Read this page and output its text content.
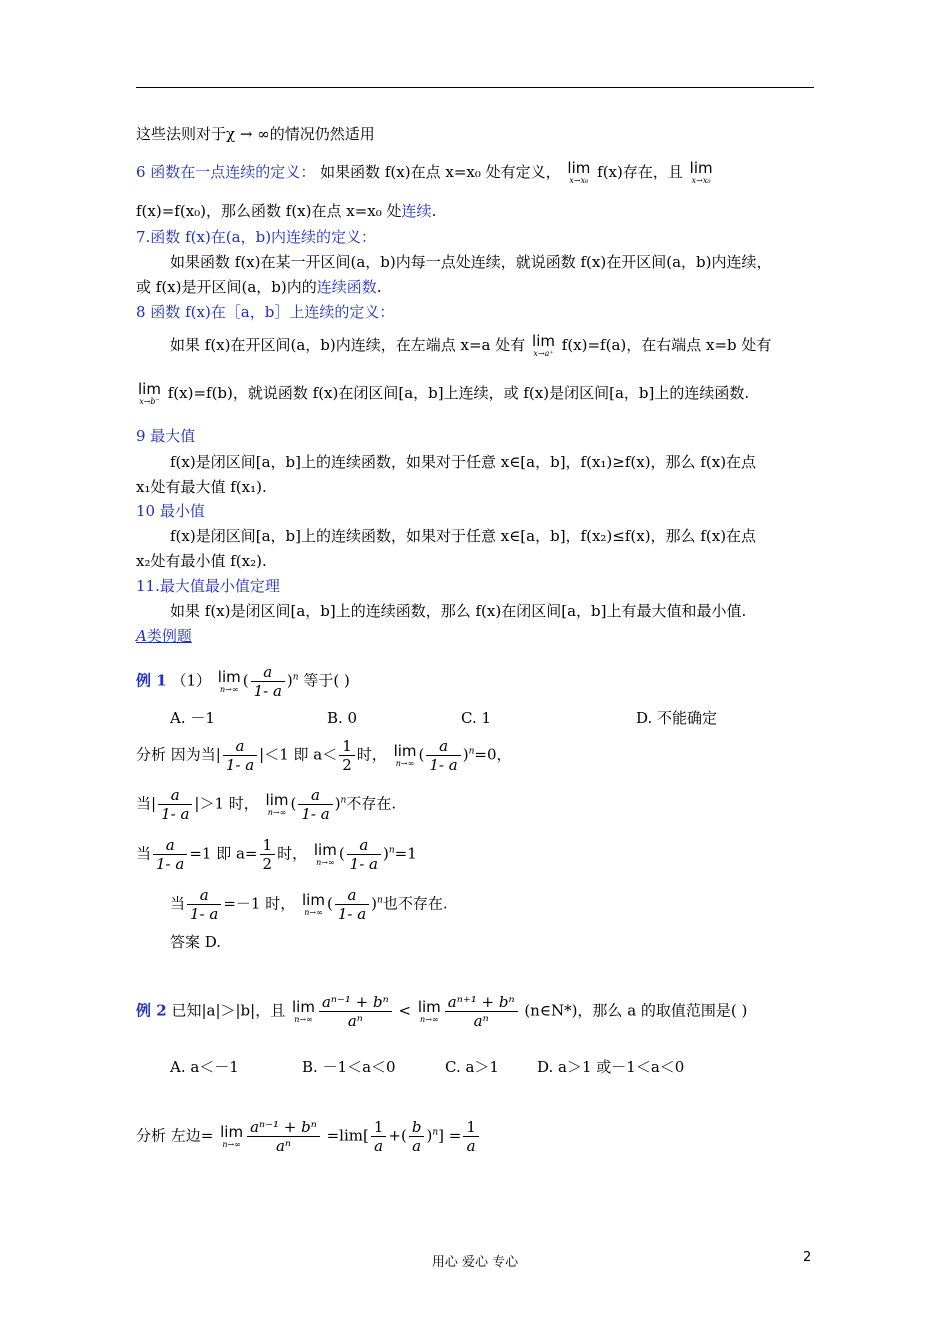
这些法则对于χ → ∞的情况仍然适用
6 函数在一点连续的定义： 如果函数 f(x)在点 x=x₀ 处有定义， lim
x→x₀ f(x)存在，且 lim
x→x₀
f(x)=f(x₀)，那么函数 f(x)在点 x=x₀ 处连续.
7.函数 f(x)在(a，b)内连续的定义：
如果函数 f(x)在某一开区间(a，b)内每一点处连续，就说函数 f(x)在开区间(a，b)内连续，
或 f(x)是开区间(a，b)内的连续函数.
8 函数 f(x)在［a，b］上连续的定义：
如果 f(x)在开区间(a，b)内连续，在左端点 x=a 处有 lim
x→a⁺ f(x)=f(a)，在右端点 x=b 处有
lim
x→b⁻ f(x)=f(b)，就说函数 f(x)在闭区间[a，b]上连续，或 f(x)是闭区间[a，b]上的连续函数.
9 最大值
f(x)是闭区间[a，b]上的连续函数，如果对于任意 x∈[a，b]，f(x₁)≥f(x)，那么 f(x)在点
x₁处有最大值 f(x₁).
10 最小值
f(x)是闭区间[a，b]上的连续函数，如果对于任意 x∈[a，b]，f(x₂)≤f(x)，那么 f(x)在点
x₂处有最小值 f(x₂).
11.最大值最小值定理
如果 f(x)是闭区间[a，b]上的连续函数，那么 f(x)在闭区间[a，b]上有最大值和最小值.
A类例题
例 1 （1） lim
n→∞ ( $\frac{a}{1- a} )^n$ 等于( )
A. －1	B. 0	C. 1	D. 不能确定
分析 因为当| $\frac{a}{1- a} |<1$ 即 $a< \frac{1}{2}$ 时， lim
n→∞ ( $\frac{a}{1- a} )^n=0$，
当| $\frac{a}{1- a} |>1$ 时， lim
n→∞ ( $\frac{a}{1- a} )^n$不存在.
当 $\frac{a}{1- a} =1$ 即 $a= \frac{1}{2}$ 时， lim
n→∞ ( $\frac{a}{1- a} )^n=1$
当 $\frac{a}{1- a} =-1$ 时， lim
n→∞ ( $\frac{a}{1- a} )^n$也不存在.
答案 D.
例 2 已知|a|＞|b|，且 lim
$n\to\infty \frac{\text{aⁿ⁻¹ + bⁿ}}{\text{aⁿ}} < \lim$
$n\to\infty \frac{\text{aⁿ⁺¹ + bⁿ}}{\text{aⁿ}}$ (n∈N*)，那么 a 的取值范围是( )
A. a＜－1	B. －1＜a＜0	C. a＞1	D. a＞1 或－1＜a＜0
分析 左边= lim
$n\to\infty \frac{\text{aⁿ⁻¹ + bⁿ}}{\text{aⁿ}} =\lim[ \frac{1}{a}$ +( $\frac{b}{a} )^n] = \frac{1}{a}$
用心 爱心 专心	2
